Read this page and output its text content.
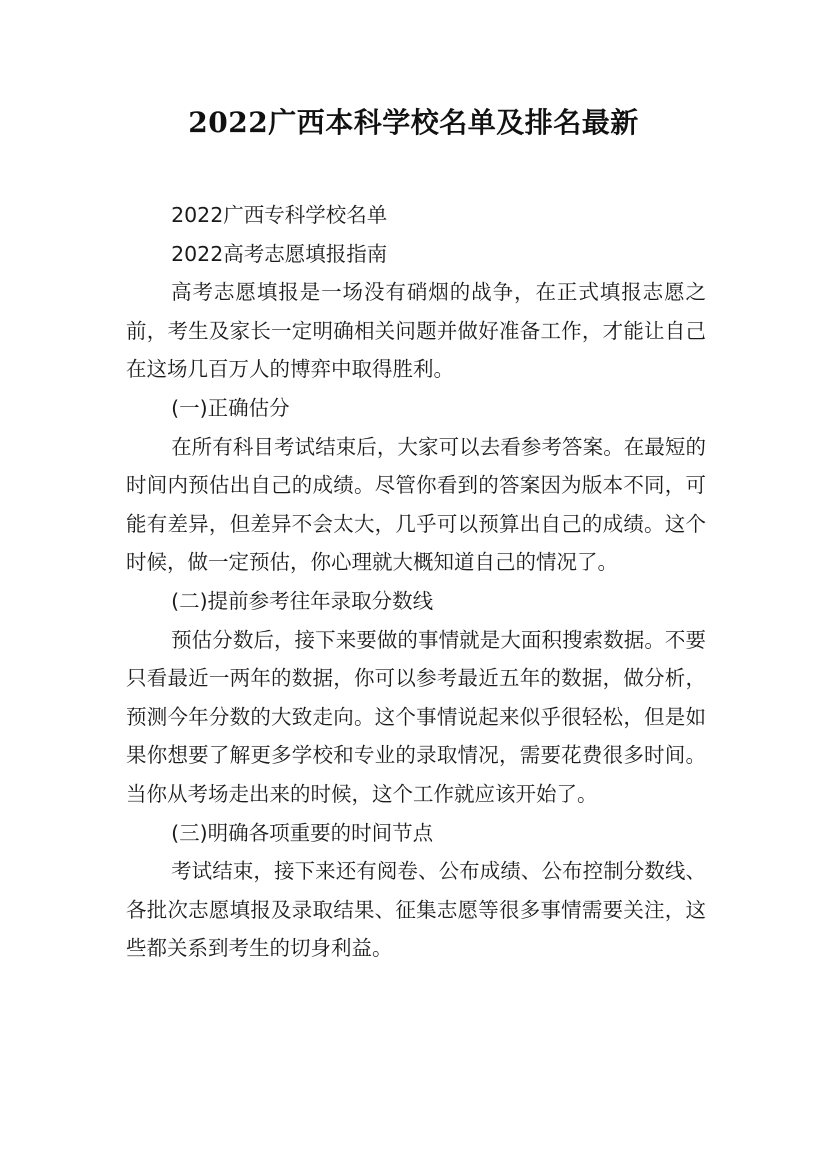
2022广西本科学校名单及排名最新

2022广西专科学校名单

2022高考志愿填报指南

高考志愿填报是一场没有硝烟的战争，在正式填报志愿之前，考生及家长一定明确相关问题并做好准备工作，才能让自己在这场几百万人的博弈中取得胜利。

(一)正确估分

在所有科目考试结束后，大家可以去看参考答案。在最短的时间内预估出自己的成绩。尽管你看到的答案因为版本不同，可能有差异，但差异不会太大，几乎可以预算出自己的成绩。这个时候，做一定预估，你心理就大概知道自己的情况了。

(二)提前参考往年录取分数线

预估分数后，接下来要做的事情就是大面积搜索数据。不要只看最近一两年的数据，你可以参考最近五年的数据，做分析，预测今年分数的大致走向。这个事情说起来似乎很轻松，但是如果你想要了解更多学校和专业的录取情况，需要花费很多时间。当你从考场走出来的时候，这个工作就应该开始了。

(三)明确各项重要的时间节点

考试结束，接下来还有阅卷、公布成绩、公布控制分数线、各批次志愿填报及录取结果、征集志愿等很多事情需要关注，这些都关系到考生的切身利益。
